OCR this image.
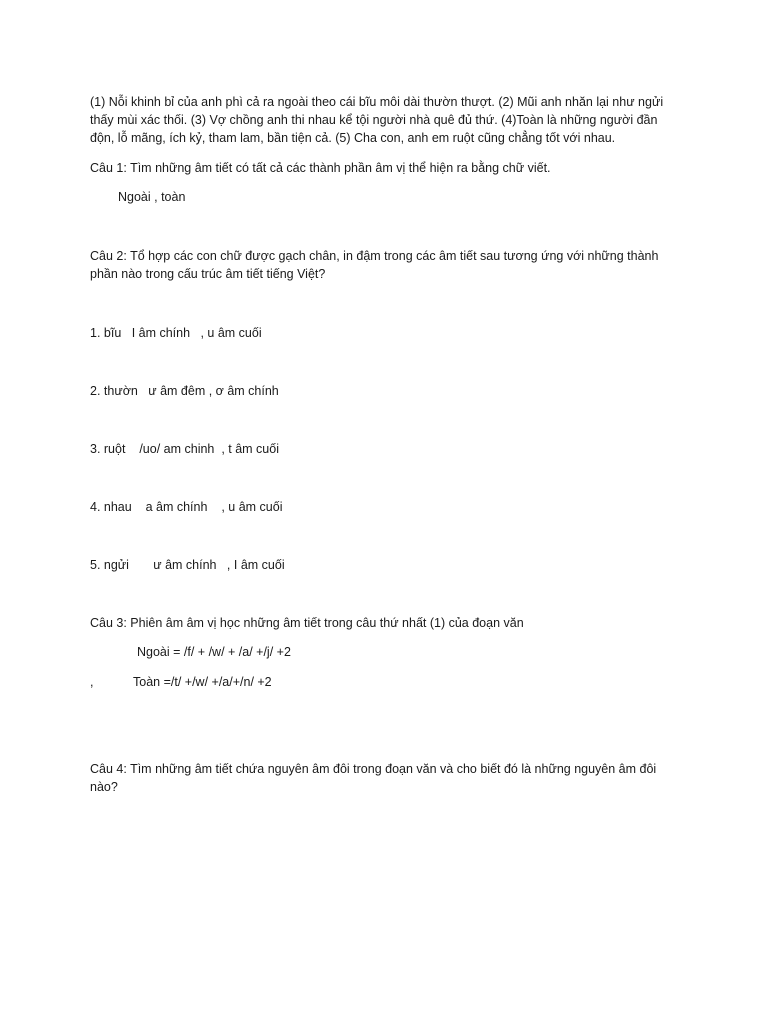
(1) Nỗi khinh bỉ của anh phì cả ra ngoài theo cái bĩu môi dài thườn thượt. (2) Mũi anh nhăn lại như ngửi thấy mùi xác thối. (3) Vợ chồng anh thi nhau kể tội người nhà quê đủ thứ. (4)Toàn là những người đần độn, lỗ mãng, ích kỷ, tham lam, bần tiện cả. (5) Cha con, anh em ruột cũng chẳng tốt với nhau.
Câu 1: Tìm những âm tiết có tất cả các thành phần âm vị thể hiện ra bằng chữ viết.
Ngoài , toàn
Câu 2: Tổ hợp các con chữ được gạch chân, in đậm trong các âm tiết sau tương ứng với những thành phần nào trong cấu trúc âm tiết tiếng Việt?
1. bĩu   I âm chính   , u âm cuối
2. thườn   ư âm đêm , ơ âm chính
3. ruột    /uo/ am chinh  , t âm cuối
4. nhau    a âm chính    , u âm cuối
5. ngửi       ư âm chính   , I âm cuối
Câu 3: Phiên âm âm vị học những âm tiết trong câu thứ nhất (1) của đoạn văn
Ngoài = /f/ + /w/ + /a/ +/j/ +2
,	Toàn =/t/ +/w/ +/a/+/n/ +2
Câu 4: Tìm những âm tiết chứa nguyên âm đôi trong đoạn văn và cho biết đó là những nguyên âm đôi nào?
